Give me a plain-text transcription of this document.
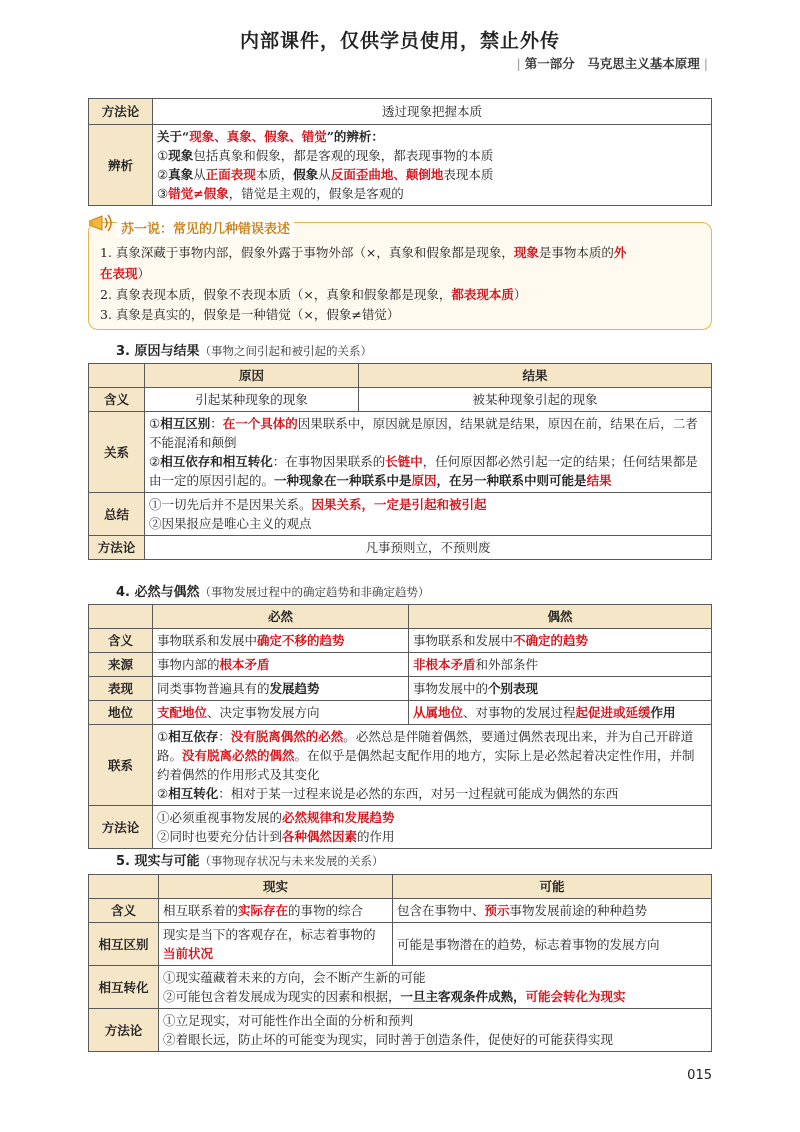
内部课件，仅供学员使用，禁止外传
| 第一部分　马克思主义基本原理 |
方法论	透过现象把握本质
辨析	关于“现象、真象、假象、错觉”的辨析：
①现象包括真象和假象，都是客观的现象，都表现事物的本质
②真象从正面表现本质，假象从反面歪曲地、颠倒地表现本质
③错觉≠假象，错觉是主观的，假象是客观的
苏一说：常见的几种错误表述
1. 真象深藏于事物内部，假象外露于事物外部（×，真象和假象都是现象，现象是事物本质的外
在表现）
2. 真象表现本质，假象不表现本质（×，真象和假象都是现象，都表现本质）
3. 真象是真实的，假象是一种错觉（×，假象≠错觉）
3. 原因与结果（事物之间引起和被引起的关系）
	原因	结果
含义	引起某种现象的现象	被某种现象引起的现象
关系	①相互区别：在一个具体的因果联系中，原因就是原因，结果就是结果，原因在前，结果在后，二者不能混淆和颠倒
②相互依存和相互转化：在事物因果联系的长链中，任何原因都必然引起一定的结果；任何结果都是由一定的原因引起的。一种现象在一种联系中是原因，在另一种联系中则可能是结果	

总结	①一切先后并不是因果关系。因果关系，一定是引起和被引起
②因果报应是唯心主义的观点	

方法论	凡事预则立，不预则废	
4. 必然与偶然（事物发展过程中的确定趋势和非确定趋势）
	必然	偶然
含义	事物联系和发展中确定不移的趋势	事物联系和发展中不确定的趋势
来源	事物内部的根本矛盾	非根本矛盾和外部条件
表现	同类事物普遍具有的发展趋势	事物发展中的个别表现
地位	支配地位、决定事物发展方向	从属地位、对事物的发展过程起促进或延缓作用
联系	①相互依存：没有脱离偶然的必然。必然总是伴随着偶然，要通过偶然表现出来，并为自己开辟道路。没有脱离必然的偶然。在似乎是偶然起支配作用的地方，实际上是必然起着决定性作用，并制约着偶然的作用形式及其变化
②相互转化：相对于某一过程来说是必然的东西，对另一过程就可能成为偶然的东西	

方法论	①必须重视事物发展的必然规律和发展趋势
②同时也要充分估计到各种偶然因素的作用	
5. 现实与可能（事物现存状况与未来发展的关系）
	现实	可能
含义	相互联系着的实际存在的事物的综合	包含在事物中、预示事物发展前途的种种趋势
相互区别	现实是当下的客观存在，标志着事物的当前状况	可能是事物潜在的趋势，标志着事物的发展方向
相互转化	①现实蕴藏着未来的方向，会不断产生新的可能
②可能包含着发展成为现实的因素和根据，一旦主客观条件成熟，可能会转化为现实	

方法论	①立足现实，对可能性作出全面的分析和预判
②着眼长远，防止坏的可能变为现实，同时善于创造条件，促使好的可能获得实现	
015
